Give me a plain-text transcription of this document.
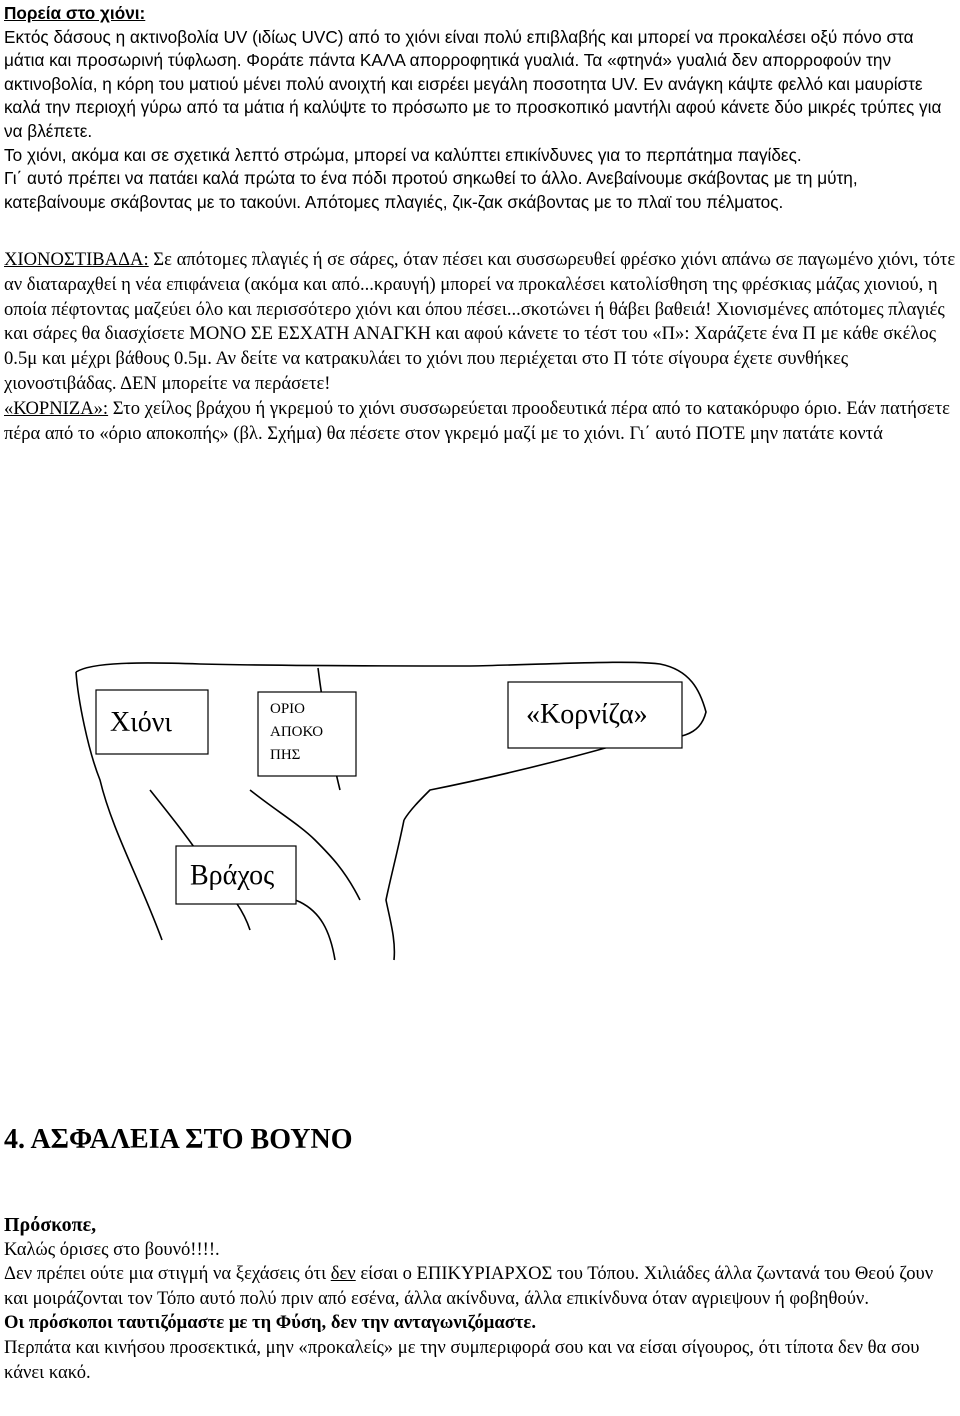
Πορεία στο χιόνι:
Εκτός δάσους η ακτινοβολία UV (ιδίως UVC) από το χιόνι είναι πολύ επιβλαβής και μπορεί να προκαλέσει οξύ πόνο στα μάτια και προσωρινή τύφλωση. Φοράτε πάντα ΚΑΛΑ απορροφητικά γυαλιά. Τα «φτηνά» γυαλιά δεν απορροφούν την ακτινοβολία, η κόρη του ματιού μένει πολύ ανοιχτή και εισρέει μεγάλη ποσοτητα UV. Εν ανάγκη κάψτε φελλό και μαυρίστε καλά την περιοχή γύρω από τα μάτια ή καλύψτε το πρόσωπο με το προσκοπικό μαντήλι αφού κάνετε δύο μικρές τρύπες για να βλέπετε.
Το χιόνι, ακόμα και σε σχετικά λεπτό στρώμα, μπορεί να καλύπτει επικίνδυνες για το περπάτημα παγίδες.
Γι΄ αυτό πρέπει να πατάει καλά πρώτα το ένα πόδι προτού σηκωθεί το άλλο. Ανεβαίνουμε σκάβοντας με τη μύτη, κατεβαίνουμε σκάβοντας με το τακούνι. Απότομες πλαγιές, ζικ-ζακ σκάβοντας με το πλαϊ του πέλματος.
ΧΙΟΝΟΣΤΙΒΑΔΑ: Σε απότομες πλαγιές ή σε σάρες, όταν πέσει και συσσωρευθεί φρέσκο χιόνι απάνω σε παγωμένο χιόνι, τότε αν διαταραχθεί η νέα επιφάνεια (ακόμα και από...κραυγή) μπορεί να προκαλέσει κατολίσθηση της φρέσκιας μάζας χιονιού, η οποία πέφτοντας μαζεύει όλο και περισσότερο χιόνι και όπου πέσει...σκοτώνει ή θάβει βαθειά! Χιονισμένες απότομες πλαγιές και σάρες θα διασχίσετε ΜΟΝΟ ΣΕ ΕΣΧΑΤΗ ΑΝΑΓΚΗ και αφού κάνετε το τέστ του «Π»: Χαράζετε ένα Π με κάθε σκέλος 0.5μ και μέχρι βάθους 0.5μ. Αν δείτε να κατρακυλάει το χιόνι που περιέχεται στο Π τότε σίγουρα έχετε συνθήκες χιονοστιβάδας. ΔΕΝ μπορείτε να περάσετε!
«ΚΟΡΝΙΖΑ»: Στο χείλος βράχου ή γκρεμού το χιόνι συσσωρεύεται προοδευτικά πέρα από το κατακόρυφο όριο. Εάν πατήσετε πέρα από το «όριο αποκοπής» (βλ. Σχήμα) θα πέσετε στον γκρεμό μαζί με το χιόνι. Γι΄ αυτό ΠΟΤΕ μην πατάτε κοντά
Χιόνι	ΟΡΙΟ
ΑΠΟΚΟ
ΠΗΣ
«Κορνίζα»
Βράχος
4. ΑΣΦΑΛΕΙΑ ΣΤΟ ΒΟΥΝΟ
Πρόσκοπε,
Καλώς όρισες στο βουνό!!!!.
Δεν πρέπει ούτε μια στιγμή να ξεχάσεις ότι δεν είσαι ο ΕΠΙΚΥΡΙΑΡΧΟΣ του Τόπου. Χιλιάδες άλλα ζωντανά του Θεού ζουν και μοιράζονται τον Τόπο αυτό πολύ πριν από εσένα, άλλα ακίνδυνα, άλλα επικίνδυνα όταν αγριεψουν ή φοβηθούν.
Οι πρόσκοποι ταυτιζόμαστε με τη Φύση, δεν την ανταγωνιζόμαστε.
Περπάτα και κινήσου προσεκτικά, μην «προκαλείς» με την συμπεριφορά σου και να είσαι σίγουρος, ότι τίποτα δεν θα σου κάνει κακό.
